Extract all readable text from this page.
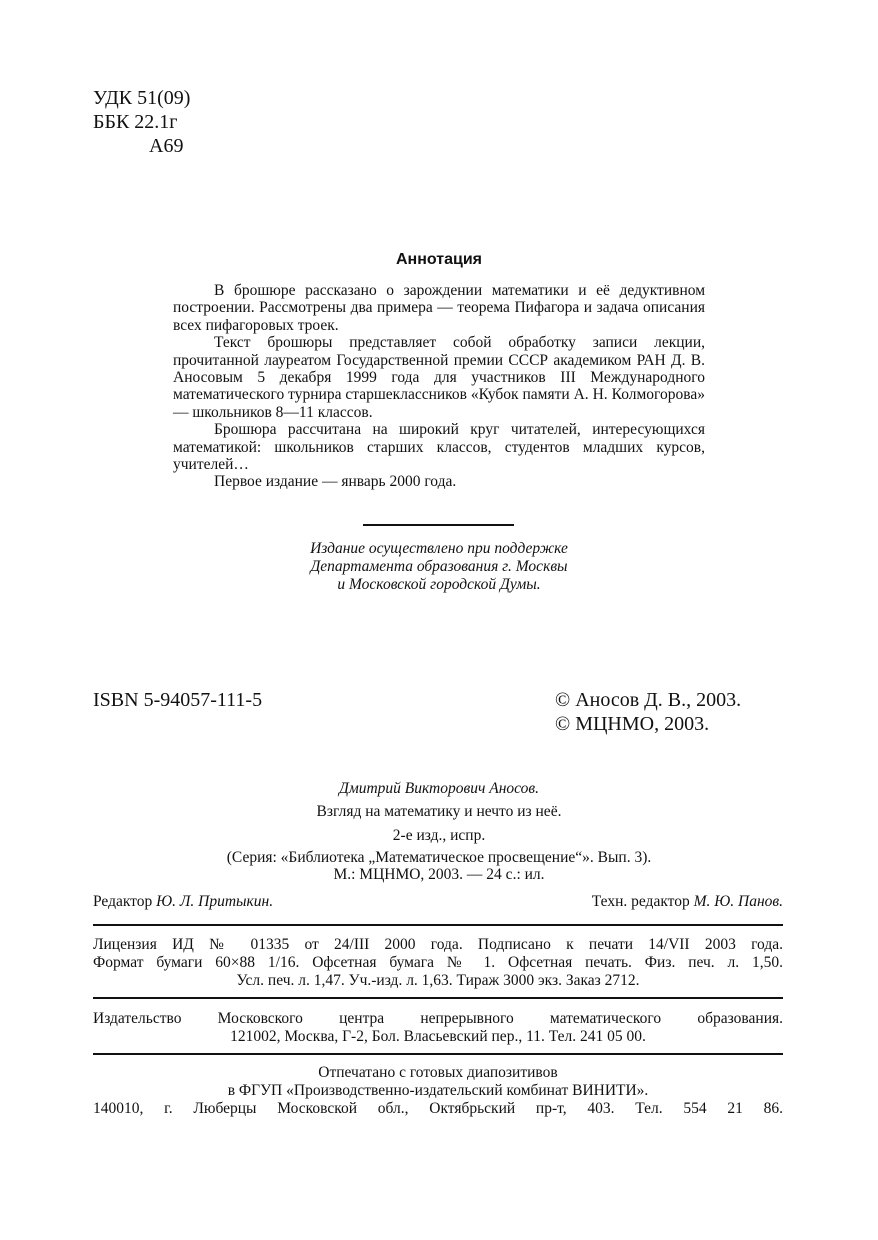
УДК 51(09)
ББК 22.1г
А69
Аннотация

В брошюре рассказано о зарождении математики и её дедуктивном построении. Рассмотрены два примера — теорема Пифагора и задача описания всех пифагоровых троек.

Текст брошюры представляет собой обработку записи лекции, прочитанной лауреатом Государственной премии СССР академиком РАН Д. В. Аносовым 5 декабря 1999 года для участников III Международного математического турнира старшеклассников «Кубок памяти А. Н. Колмогорова» — школьников 8—11 классов.

Брошюра рассчитана на широкий круг читателей, интересующихся математикой: школьников старших классов, студентов младших курсов, учителей…

Первое издание — январь 2000 года.

Издание осуществлено при поддержке
Департамента образования г. Москвы
и Московской городской Думы.
ISBN 5-94057-111-5	© Аносов Д. В., 2003.
© МЦНМО, 2003.
Дмитрий Викторович Аносов.
Взгляд на математику и нечто из неё.
2-е изд., испр.
(Серия: «Библиотека „Математическое просвещение“». Вып. 3).
М.: МЦНМО, 2003. — 24 с.: ил.
Редактор Ю. Л. Притыкин.	Техн. редактор М. Ю. Панов.
Лицензия ИД № 01335 от 24/III 2000 года. Подписано к печати 14/VII 2003 года.
Формат бумаги 60×88 1/16. Офсетная бумага № 1. Офсетная печать. Физ. печ. л. 1,50.
Усл. печ. л. 1,47. Уч.-изд. л. 1,63. Тираж 3000 экз. Заказ 2712.
Издательство Московского центра непрерывного математического образования.
121002, Москва, Г-2, Бол. Власьевский пер., 11. Тел. 241 05 00.
Отпечатано с готовых диапозитивов
в ФГУП «Производственно-издательский комбинат ВИНИТИ».
140010, г. Люберцы Московской обл., Октябрьский пр-т, 403. Тел. 554 21 86.
